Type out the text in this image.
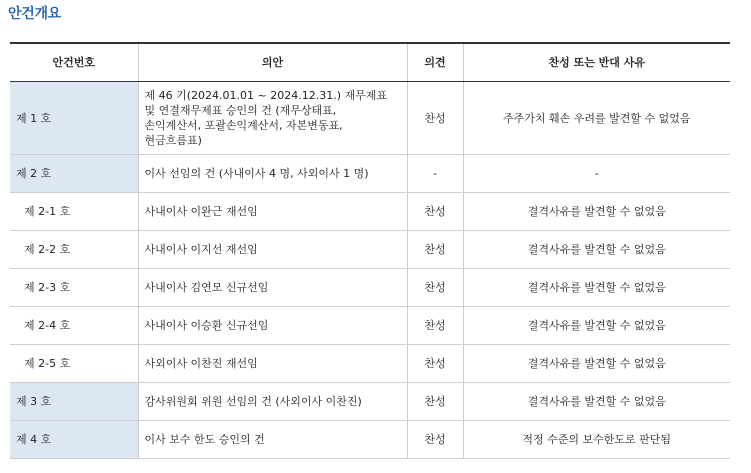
안건개요
안건번호	의안	의견	찬성 또는 반대 사유
제 1 호	제 46 기(2024.01.01 ~ 2024.12.31.) 재무제표
및 연결재무제표 승인의 건 (재무상태표,
손익계산서, 포괄손익계산서, 자본변동표,
현금흐름표)	찬성	주주가치 훼손 우려를 발견할 수 없었음
제 2 호	이사 선임의 건 (사내이사 4 명, 사외이사 1 명)	-	-
제 2-1 호	사내이사 이완근 재선임	찬성	결격사유를 발견할 수 없었음
제 2-2 호	사내이사 이지선 재선임	찬성	결격사유를 발견할 수 없었음
제 2-3 호	사내이사 김연모 신규선임	찬성	결격사유를 발견할 수 없었음
제 2-4 호	사내이사 이승환 신규선임	찬성	결격사유를 발견할 수 없었음
제 2-5 호	사외이사 이찬진 재선임	찬성	결격사유를 발견할 수 없었음
제 3 호	감사위원회 위원 선임의 건 (사외이사 이찬진)	찬성	결격사유를 발견할 수 없었음
제 4 호	이사 보수 한도 승인의 건	찬성	적정 수준의 보수한도로 판단됨
